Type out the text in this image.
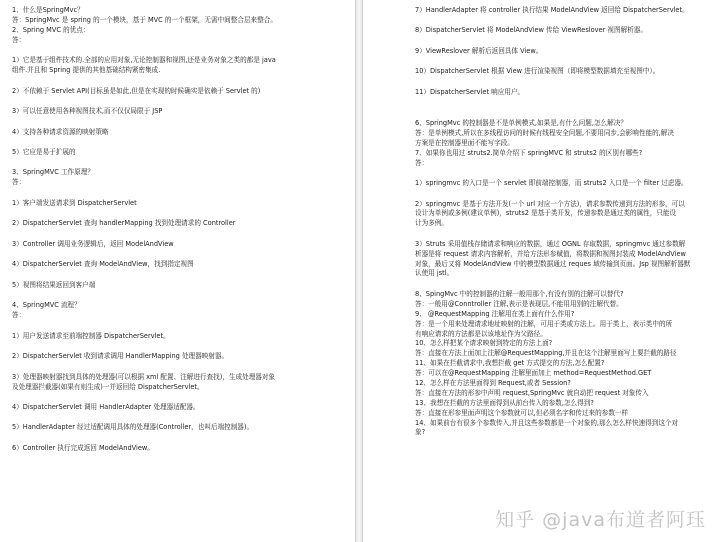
1、什么是SpringMvc？
答：SpringMvc 是 spring 的一个模块，基于 MVC 的一个框架，无需中间整合层来整合。
2、Spring MVC 的优点：
答：
1）它是基于组件技术的.全部的应用对象,无论控制器和视图,还是业务对象之类的都是 java
组件.并且和 Spring 提供的其他基础结构紧密集成.
2）不依赖于 Servlet API(目标虽是如此,但是在实现的时候确实是依赖于 Servlet 的)
3）可以任意使用各种视图技术,而不仅仅局限于 JSP
4）支持各种请求资源的映射策略
5）它应是易于扩展的
3、SpringMVC 工作原理？
答：
1）客户端发送请求到 DispatcherServlet
2）DispatcherServlet 查询 handlerMapping 找到处理请求的 Controller
3）Controller 调用业务逻辑后，返回 ModelAndView
4）DispatcherServlet 查询 ModelAndView，找到指定视图
5）视图将结果返回到客户端
4、SpringMVC 流程？
答：
1）用户发送请求至前端控制器 DispatcherServlet。
2）DispatcherServlet 收到请求调用 HandlerMapping 处理器映射器。
3）处理器映射器找到具体的处理器(可以根据 xml 配置、注解进行查找)，生成处理器对象
及处理器拦截器(如果有则生成)一并返回给 DispatcherServlet。
4）DispatcherServlet 调用 HandlerAdapter 处理器适配器。
5）HandlerAdapter 经过适配调用具体的处理器(Controller，也叫后端控制器)。
6）Controller 执行完成返回 ModelAndView。
7）HandlerAdapter 将 controller 执行结果 ModelAndView 返回给 DispatcherServlet。
8）DispatcherServlet 将 ModelAndView 传给 ViewReslover 视图解析器。
9）ViewReslover 解析后返回具体 View。
10）DispatcherServlet 根据 View 进行渲染视图（即将模型数据填充至视图中）。
11）DispatcherServlet 响应用户。
6、SpringMvc 的控制器是不是单例模式,如果是,有什么问题,怎么解决？
答：是单例模式,所以在多线程访问的时候有线程安全问题,不要用同步,会影响性能的,解决
方案是在控制器里面不能写字段。
7、如果你也用过 struts2.简单介绍下 springMVC 和 struts2 的区别有哪些?
答：
1）springmvc 的入口是一个 servlet 即前端控制器，而 struts2 入口是一个 filter 过虑器。
2）springmvc 是基于方法开发(一个 url 对应一个方法)，请求参数传递到方法的形参，可以
设计为单例或多例(建议单例)，struts2 是基于类开发，传递参数是通过类的属性，只能设
计为多例。
3）Struts 采用值栈存储请求和响应的数据，通过 OGNL 存取数据，springmvc 通过参数解
析器是将 request 请求内容解析，并给方法形参赋值，将数据和视图封装成 ModelAndView
对象，最后又将 ModelAndView 中的模型数据通过 reques 域传输到页面。Jsp 视图解析器默
认使用 jstl。
8、SpingMvc 中的控制器的注解一般用那个,有没有别的注解可以替代?
答：一般用@Conntroller 注解,表示是表现层,不能用用别的注解代替。
9、 @RequestMapping 注解用在类上面有什么作用?
答：是一个用来处理请求地址映射的注解，可用于类或方法上。用于类上，表示类中的所
有响应请求的方法都是以该地址作为父路径。
10、怎么样把某个请求映射到特定的方法上面?
答：直接在方法上面加上注解@RequestMapping,并且在这个注解里面写上要拦截的路径
11、如果在拦截请求中,我想拦截 get 方式提交的方法,怎么配置?
答：可以在@RequestMapping 注解里面加上 method=RequestMethod.GET
12、怎么样在方法里面得到 Request,或者 Session?
答：直接在方法的形参中声明 request,SpringMvc 就自动把 request 对象传入
13、我想在拦截的方法里面得到从前台传入的参数,怎么得到?
答：直接在形参里面声明这个参数就可以,但必须名字和传过来的参数一样
14、如果前台有很多个参数传入,并且这些参数都是一个对象的,那么怎么样快速得到这个对
象?
知乎 @java布道者阿珏
